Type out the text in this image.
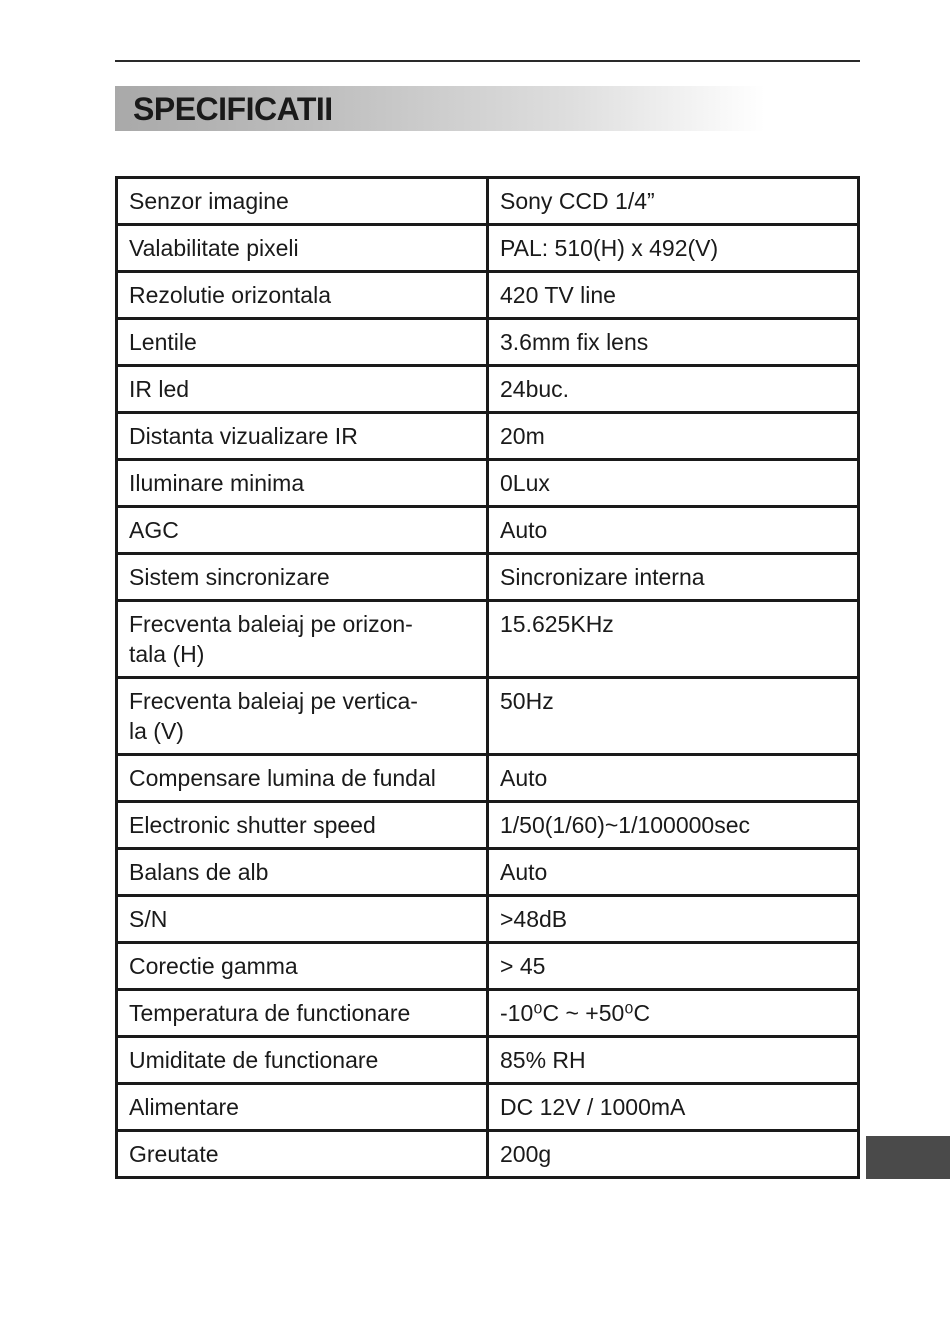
SPECIFICATII
Senzor imagine	Sony CCD 1/4”
Valabilitate pixeli	PAL: 510(H) x 492(V)
Rezolutie orizontala	420 TV line
Lentile	3.6mm fix lens
IR led	24buc.
Distanta vizualizare IR	20m
Iluminare minima	0Lux
AGC	Auto
Sistem sincronizare	Sincronizare interna
Frecventa baleiaj pe orizon-
tala (H)	15.625KHz
Frecventa baleiaj pe vertica-
la (V)	50Hz
Compensare lumina de fundal	Auto
Electronic shutter speed	1/50(1/60)~1/100000sec
Balans de alb	Auto
S/N	>48dB
Corectie gamma	> 45
Temperatura de functionare	-10⁰C ~ +50⁰C
Umiditate de functionare	85% RH
Alimentare	DC 12V / 1000mA
Greutate	200g
